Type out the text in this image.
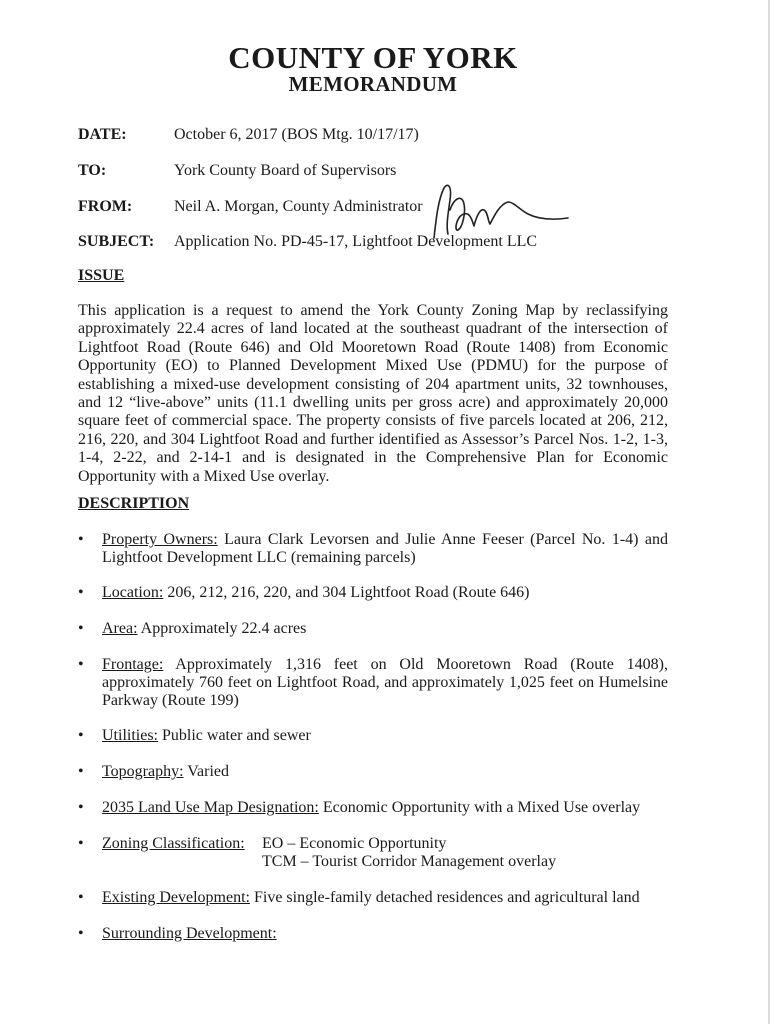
COUNTY OF YORK
MEMORANDUM
DATE:	October 6, 2017 (BOS Mtg. 10/17/17)
TO:	York County Board of Supervisors
FROM:	Neil A. Morgan, County Administrator
SUBJECT: Application No. PD-45-17, Lightfoot Development LLC
ISSUE

This application is a request to amend the York County Zoning Map by reclassifying approximately 22.4 acres of land located at the southeast quadrant of the intersection of Lightfoot Road (Route 646) and Old Mooretown Road (Route 1408) from Economic Opportunity (EO) to Planned Development Mixed Use (PDMU) for the purpose of establishing a mixed-use development consisting of 204 apartment units, 32 townhouses, and 12 “live-above” units (11.1 dwelling units per gross acre) and approximately 20,000 square feet of commercial space. The property consists of five parcels located at 206, 212, 216, 220, and 304 Lightfoot Road and further identified as Assessor’s Parcel Nos. 1-2, 1-3, 1-4, 2-22, and 2-14-1 and is designated in the Comprehensive Plan for Economic Opportunity with a Mixed Use overlay.

DESCRIPTION
•	Property Owners: Laura Clark Levorsen and Julie Anne Feeser (Parcel No. 1-4) and Lightfoot Development LLC (remaining parcels)
•	Location: 206, 212, 216, 220, and 304 Lightfoot Road (Route 646)
•	Area: Approximately 22.4 acres
•	Frontage: Approximately 1,316 feet on Old Mooretown Road (Route 1408), approximately 760 feet on Lightfoot Road, and approximately 1,025 feet on Humelsine Parkway (Route 199)
•	Utilities: Public water and sewer
•	Topography: Varied
•	2035 Land Use Map Designation: Economic Opportunity with a Mixed Use overlay
•	Zoning Classification: EO – Economic Opportunity
TCM – Tourist Corridor Management overlay
•	Existing Development: Five single-family detached residences and agricultural land
•	Surrounding Development:
